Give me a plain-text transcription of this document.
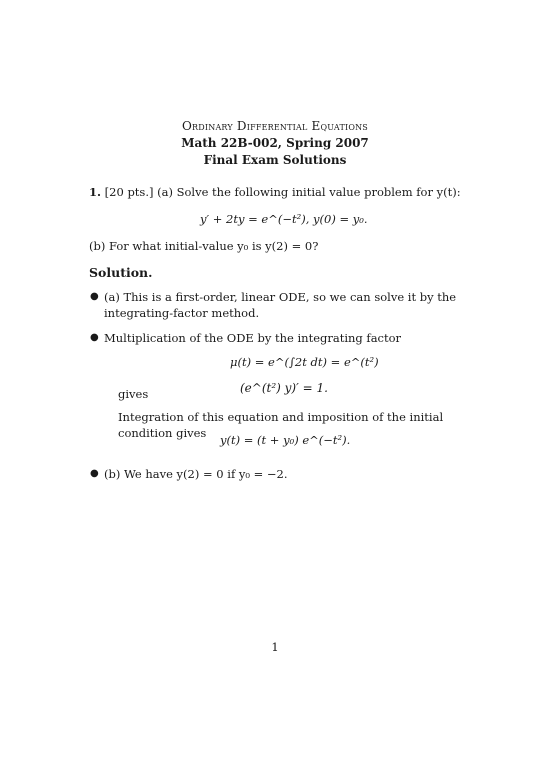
Ordinary Differential Equations
Math 22B-002, Spring 2007
Final Exam Solutions
1. [20 pts.] (a) Solve the following initial value problem for y(t):
y′ + 2ty = e^(−t²), y(0) = y₀.
(b) For what initial-value y₀ is y(2) = 0?
Solution.
● (a) This is a first-order, linear ODE, so we can solve it by the integrating-factor method.
● Multiplication of the ODE by the integrating factor
μ(t) = e^(∫2t dt) = e^(t²)
gives	(e^(t²) y)′ = 1.
Integration of this equation and imposition of the initial condition gives
y(t) = (t + y₀) e^(−t²).
● (b) We have y(2) = 0 if y₀ = −2.
1
